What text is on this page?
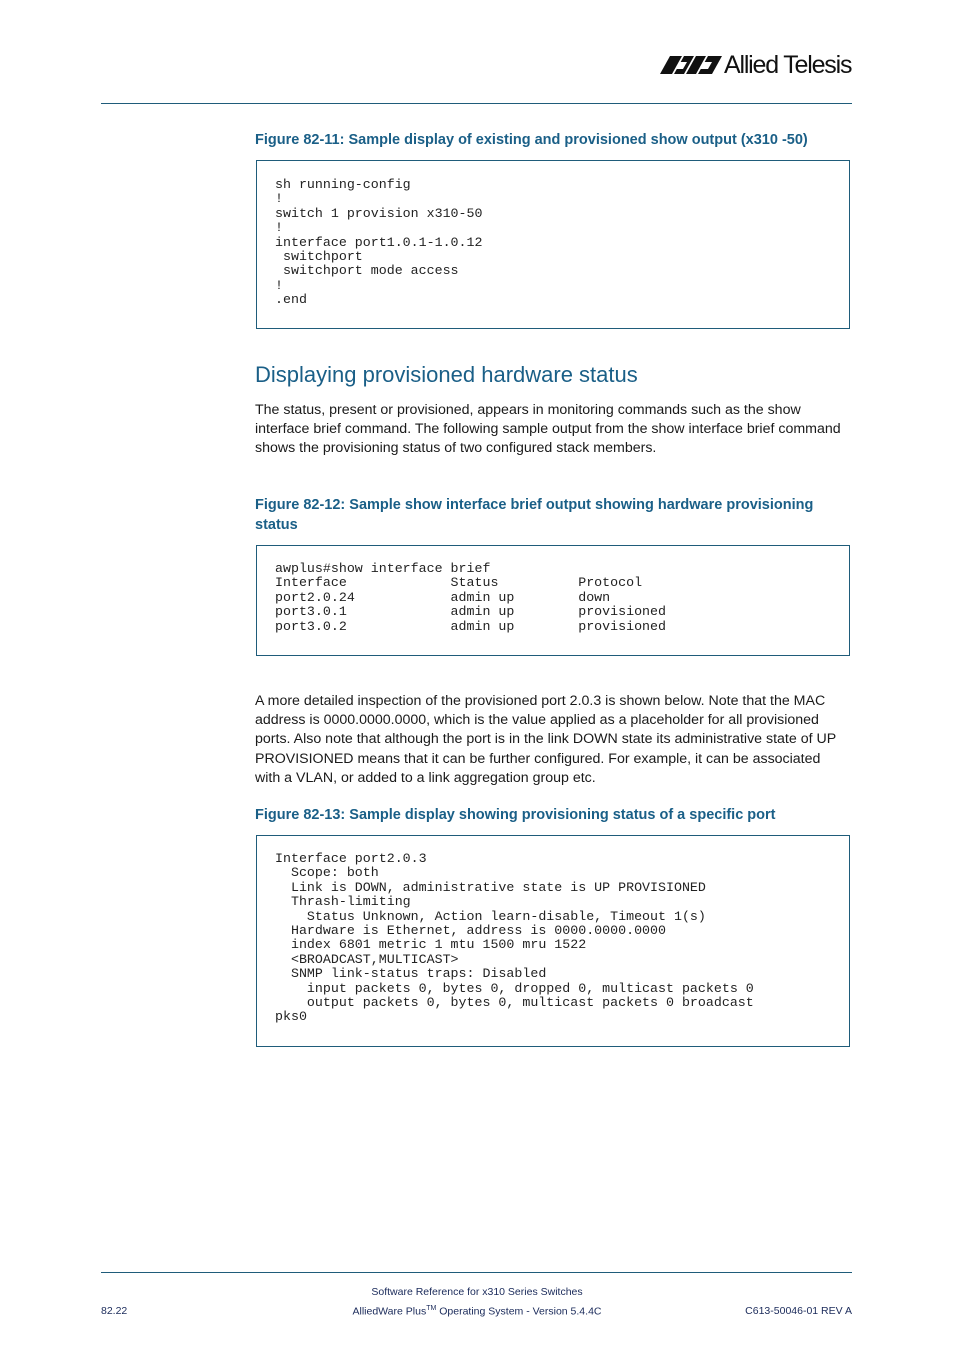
Allied Telesis
Figure 82-11: Sample display of existing and provisioned show output (x310 -50)
sh running-config
!
switch 1 provision x310-50
!
interface port1.0.1-1.0.12
switchport
switchport mode access
!
.end
Displaying provisioned hardware status
The status, present or provisioned, appears in monitoring commands such as the show interface brief command. The following sample output from the show interface brief command shows the provisioning status of two configured stack members.
Figure 82-12: Sample show interface brief output showing hardware provisioning status
awplus#show interface brief
Interface             Status          Protocol
port2.0.24            admin up        down
port3.0.1             admin up        provisioned
port3.0.2             admin up        provisioned
A more detailed inspection of the provisioned port 2.0.3 is shown below. Note that the MAC address is 0000.0000.0000, which is the value applied as a placeholder for all provisioned ports. Also note that although the port is in the link DOWN state its administrative state of UP PROVISIONED means that it can be further configured. For example, it can be associated with a VLAN, or added to a link aggregation group etc.
Figure 82-13: Sample display showing provisioning status of a specific port
Interface port2.0.3
Scope: both
Link is DOWN, administrative state is UP PROVISIONED
Thrash-limiting
Status Unknown, Action learn-disable, Timeout 1(s)
Hardware is Ethernet, address is 0000.0000.0000
index 6801 metric 1 mtu 1500 mru 1522
<BROADCAST,MULTICAST>
SNMP link-status traps: Disabled
input packets 0, bytes 0, dropped 0, multicast packets 0
output packets 0, bytes 0, multicast packets 0 broadcast
pks0
Software Reference for x310 Series Switches
AlliedWare Plus™ Operating System - Version 5.4.4C
82.22	C613-50046-01 REV A
